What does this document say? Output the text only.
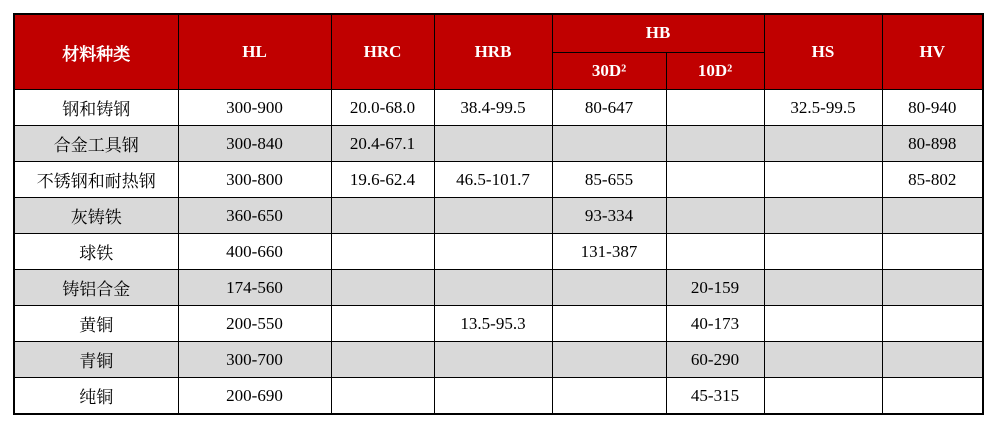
材料种类	HL	HRC	HRB	HB		HS	HV
				30D²	10D²		
钢和铸钢	300-900	20.0-68.0	38.4-99.5	80-647		32.5-99.5	80-940
合金工具钢	300-840	20.4-67.1					80-898
不锈钢和耐热钢	300-800	19.6-62.4	46.5-101.7	85-655			85-802
灰铸铁	360-650			93-334			
球铁	400-660			131-387			
铸铝合金	174-560				20-159		
黄铜	200-550		13.5-95.3		40-173		
青铜	300-700				60-290		
纯铜	200-690				45-315		
